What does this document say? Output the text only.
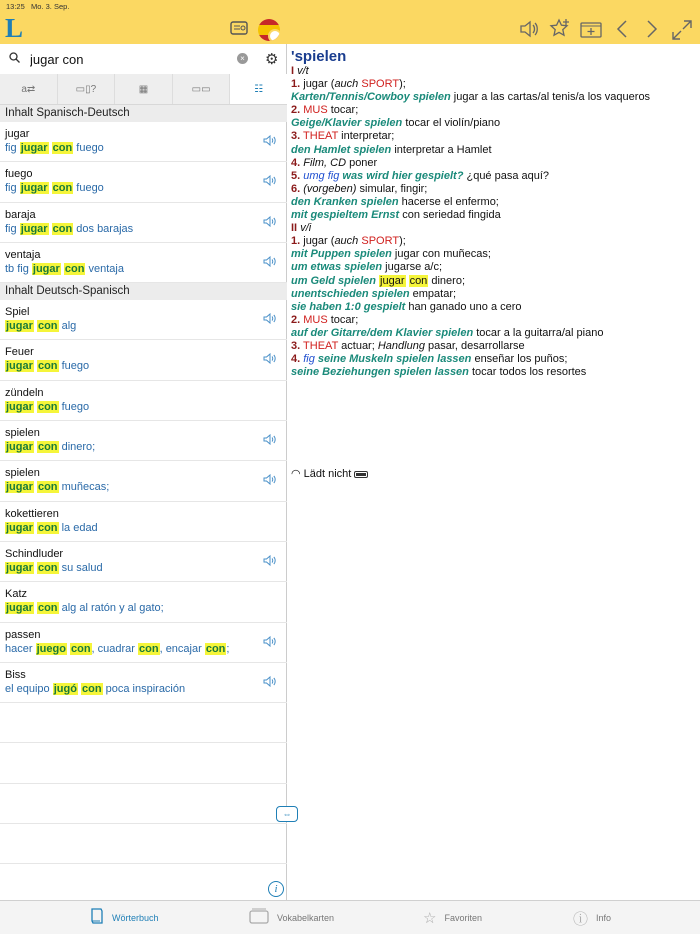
13:25 Mo. 3. Sep.
◠ Lädt nicht
L
jugar con
× ⚙
a⇄	▭▯?	▦	▭▭	☷
Inhalt Spanisch-Deutsch
jugar
fig jugar con fuego
fuego
fig jugar con fuego
baraja
fig jugar con dos barajas
ventaja
tb fig jugar con ventaja
Inhalt Deutsch-Spanisch
Spiel
jugar con alg
Feuer
jugar con fuego
zündeln
jugar con fuego
spielen
jugar con dinero;
spielen
jugar con muñecas;
kokettieren
jugar con la edad
Schindluder
jugar con su salud
Katz
jugar con alg al ratón y al gato;
passen
hacer juego con, cuadrar con, encajar con;
Biss
el equipo jugó con poca inspiración
i
⇔
'spielen
I v/t
1. jugar (auch SPORT);
Karten/Tennis/Cowboy spielen jugar a las cartas/al tenis/a los vaqueros
2. MUS tocar;
Geige/Klavier spielen tocar el violín/piano
3. THEAT interpretar;
den Hamlet spielen interpretar a Hamlet
4. Film, CD poner
5. umg fig was wird hier gespielt? ¿qué pasa aquí?
6. (vorgeben) simular, fingir;
den Kranken spielen hacerse el enfermo;
mit gespieltem Ernst con seriedad fingida
II v/i
1. jugar (auch SPORT);
mit Puppen spielen jugar con muñecas;
um etwas spielen jugarse a/c;
um Geld spielen jugar con dinero;
unentschieden spielen empatar;
sie haben 1:0 gespielt han ganado uno a cero
2. MUS tocar;
auf der Gitarre/dem Klavier spielen tocar a la guitarra/al piano
3. THEAT actuar; Handlung pasar, desarrollarse
4. fig seine Muskeln spielen lassen enseñar los puños;
seine Beziehungen spielen lassen tocar todos los resortes
Wörterbuch	Vokabelkarten	☆ Favoriten	ⓘ Info
